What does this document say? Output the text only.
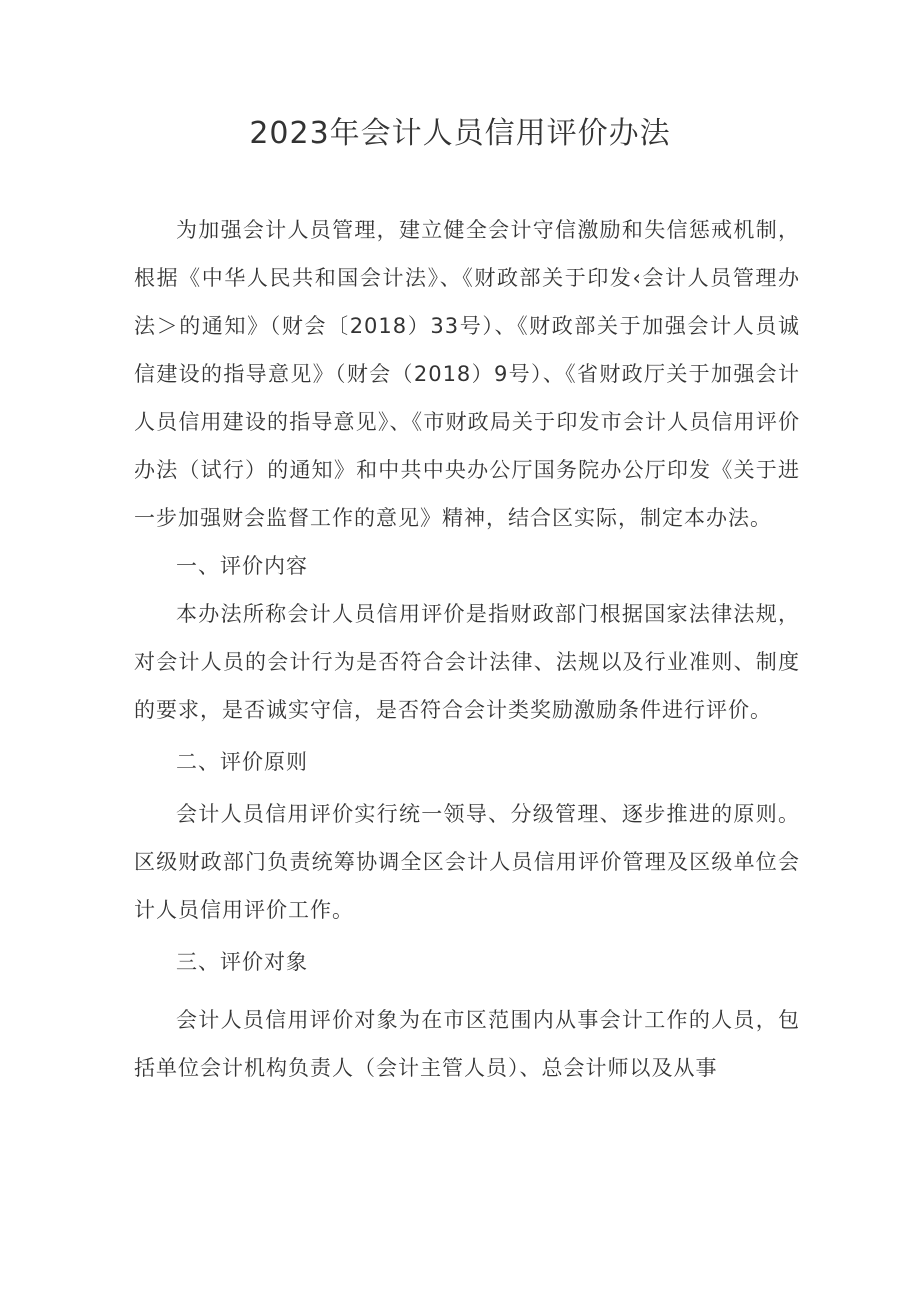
2023年会计人员信用评价办法

为加强会计人员管理，建立健全会计守信激励和失信惩戒机制，根据《中华人民共和国会计法》、《财政部关于印发‹会计人员管理办法＞的通知》（财会〔2018）33号）、《财政部关于加强会计人员诚信建设的指导意见》（财会（2018）9号）、《省财政厅关于加强会计人员信用建设的指导意见》、《市财政局关于印发市会计人员信用评价办法（试行）的通知》和中共中央办公厅国务院办公厅印发《关于进一步加强财会监督工作的意见》精神，结合区实际，制定本办法。

一、评价内容

本办法所称会计人员信用评价是指财政部门根据国家法律法规，对会计人员的会计行为是否符合会计法律、法规以及行业准则、制度的要求，是否诚实守信，是否符合会计类奖励激励条件进行评价。

二、评价原则

会计人员信用评价实行统一领导、分级管理、逐步推进的原则。区级财政部门负责统筹协调全区会计人员信用评价管理及区级单位会计人员信用评价工作。

三、评价对象

会计人员信用评价对象为在市区范围内从事会计工作的人员，包括单位会计机构负责人（会计主管人员）、总会计师以及从事
